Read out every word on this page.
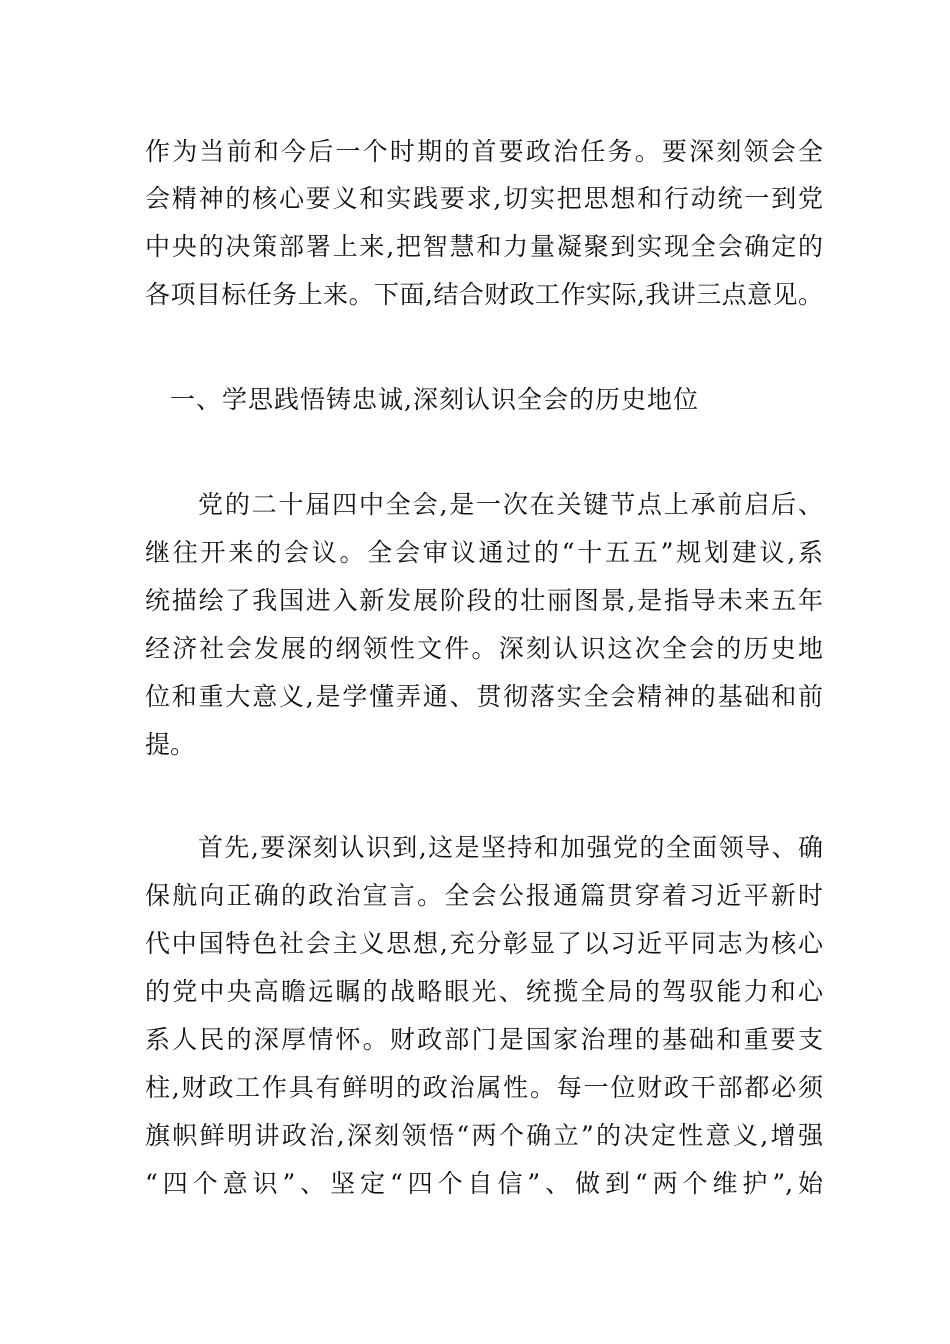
作为当前和今后一个时期的首要政治任务。要深刻领会全
会精神的核心要义和实践要求,切实把思想和行动统一到党
中央的决策部署上来,把智慧和力量凝聚到实现全会确定的
各项目标任务上来。下面,结合财政工作实际,我讲三点意见。
一、学思践悟铸忠诚,深刻认识全会的历史地位
党的二十届四中全会,是一次在关键节点上承前启后、
继往开来的会议。全会审议通过的“十五五”规划建议,系
统描绘了我国进入新发展阶段的壮丽图景,是指导未来五年
经济社会发展的纲领性文件。深刻认识这次全会的历史地
位和重大意义,是学懂弄通、贯彻落实全会精神的基础和前
提。
首先,要深刻认识到,这是坚持和加强党的全面领导、确
保航向正确的政治宣言。全会公报通篇贯穿着习近平新时
代中国特色社会主义思想,充分彰显了以习近平同志为核心
的党中央高瞻远瞩的战略眼光、统揽全局的驾驭能力和心
系人民的深厚情怀。财政部门是国家治理的基础和重要支
柱,财政工作具有鲜明的政治属性。每一位财政干部都必须
旗帜鲜明讲政治,深刻领悟“两个确立”的决定性意义,增强
“四个意识”、坚定“四个自信”、做到“两个维护”,始
